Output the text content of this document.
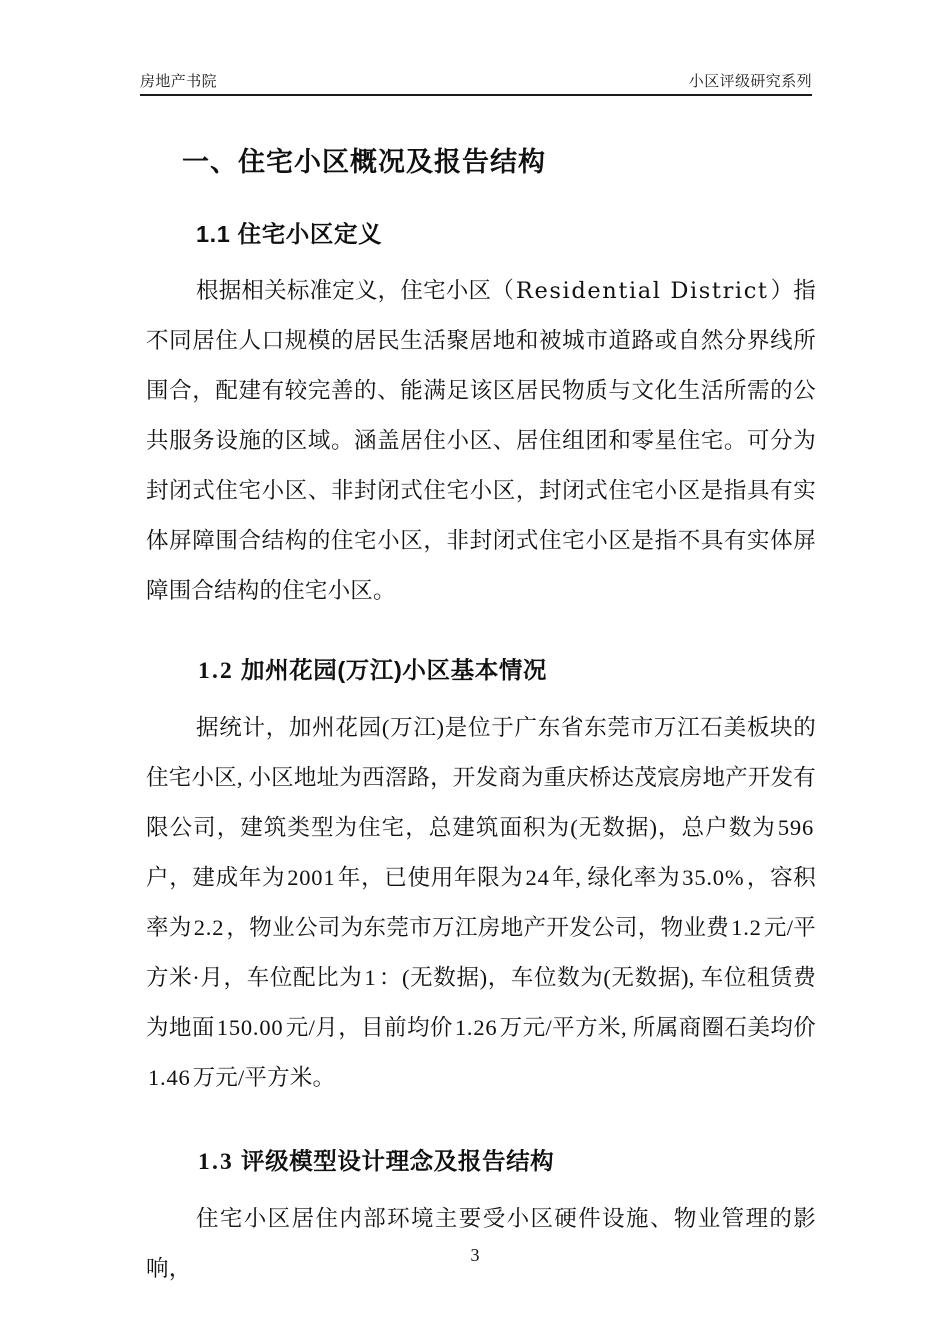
房地产书院	小区评级研究系列
一、住宅小区概况及报告结构
1.1 住宅小区定义

根据相关标准定义，住宅小区（Residential District）指不同居住人口规模的居民生活聚居地和被城市道路或自然分界线所围合，配建有较完善的、能满足该区居民物质与文化生活所需的公共服务设施的区域。涵盖居住小区、居住组团和零星住宅。可分为封闭式住宅小区、非封闭式住宅小区，封闭式住宅小区是指具有实体屏障围合结构的住宅小区，非封闭式住宅小区是指不具有实体屏障围合结构的住宅小区。

1.2 加州花园(万江)小区基本情况

据统计，加州花园(万江)是位于广东省东莞市万江石美板块的住宅小区, 小区地址为西滘路，开发商为重庆桥达茂宸房地产开发有限公司，建筑类型为住宅，总建筑面积为(无数据)，总户数为596户，建成年为2001年，已使用年限为24年, 绿化率为35.0%，容积率为2.2，物业公司为东莞市万江房地产开发公司，物业费1.2元/平方米·月，车位配比为1：(无数据)，车位数为(无数据), 车位租赁费为地面150.00元/月，目前均价1.26万元/平方米, 所属商圈石美均价1.46万元/平方米。

1.3 评级模型设计理念及报告结构

住宅小区居住内部环境主要受小区硬件设施、物业管理的影响，

3
